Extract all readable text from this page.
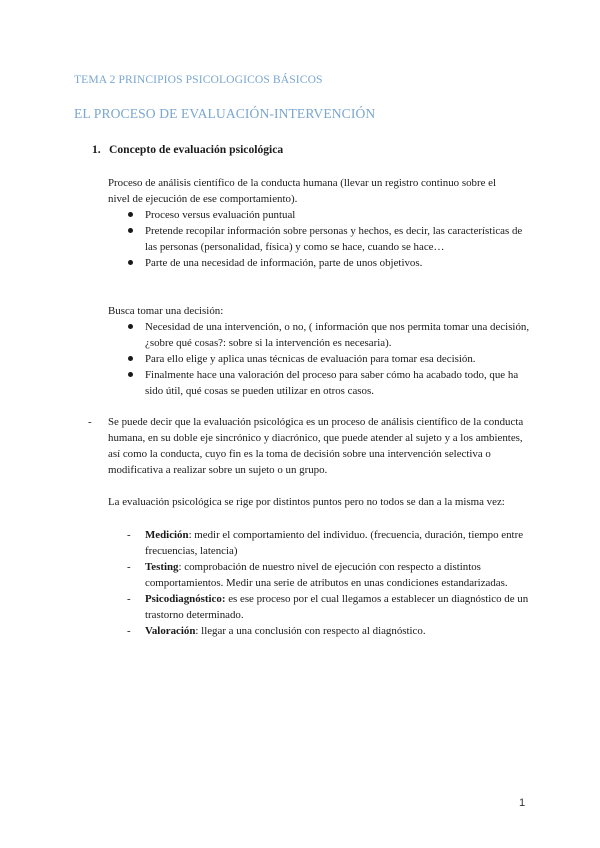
TEMA 2 PRINCIPIOS PSICOLOGICOS BÁSICOS
EL PROCESO DE EVALUACIÓN-INTERVENCIÓN
1. Concepto de evaluación psicológica
Proceso de análisis científico de la conducta humana (llevar un registro continuo sobre el nivel de ejecución de ese comportamiento).
Proceso versus evaluación puntual
Pretende recopilar información sobre personas y hechos, es decir, las características de las personas (personalidad, física) y como se hace, cuando se hace…
Parte de una necesidad de información, parte de unos objetivos.
Busca tomar una decisión:
Necesidad de una intervención, o no, ( información que nos permita tomar una decisión, ¿sobre qué cosas?: sobre si la intervención es necesaria).
Para ello elige y aplica unas técnicas de evaluación para tomar esa decisión.
Finalmente hace una valoración del proceso para saber cómo ha acabado todo, que ha sido útil, qué cosas se pueden utilizar en otros casos.
- Se puede decir que la evaluación psicológica es un proceso de análisis científico de la conducta humana, en su doble eje sincrónico y diacrónico, que puede atender al sujeto y a los ambientes, así como la conducta, cuyo fin es la toma de decisión sobre una intervención selectiva o modificativa a realizar sobre un sujeto o un grupo.
La evaluación psicológica se rige por distintos puntos pero no todos se dan a la misma vez:
- Medición: medir el comportamiento del individuo. (frecuencia, duración, tiempo entre frecuencias, latencia)
- Testing: comprobación de nuestro nivel de ejecución con respecto a distintos comportamientos. Medir una serie de atributos en unas condiciones estandarizadas.
- Psicodiagnóstico: es ese proceso por el cual llegamos a establecer un diagnóstico de un trastorno determinado.
- Valoración: llegar a una conclusión con respecto al diagnóstico.
1
